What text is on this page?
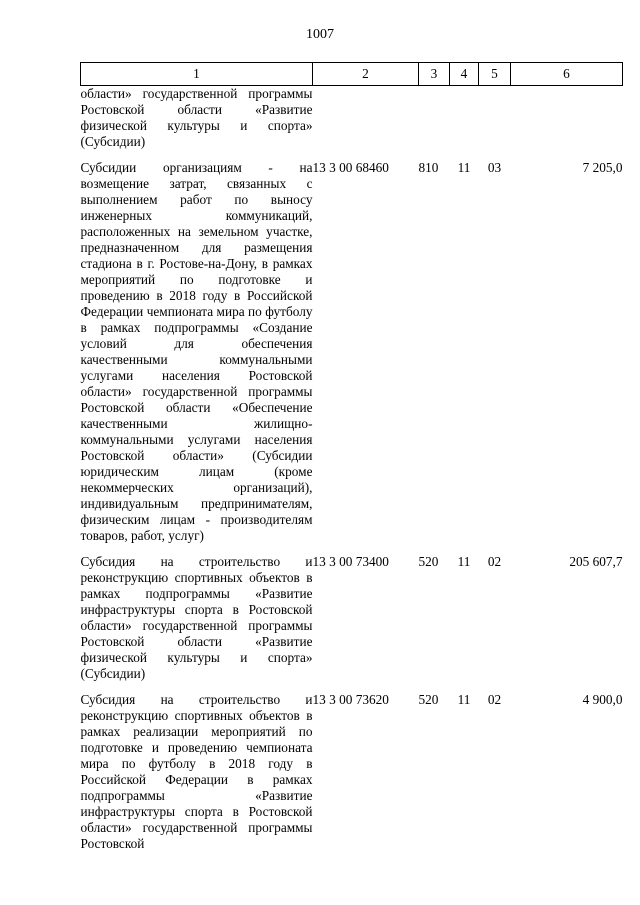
1007
1	2	3	4	5	6
области» государственной программы Ростовской области «Развитие физической культуры и спорта» (Субсидии)					
Субсидии организациям - на возмещение затрат, связанных с выполнением работ по выносу инженерных коммуникаций, расположенных на земельном участке, предназначенном для размещения стадиона в г. Ростове-на-Дону, в рамках мероприятий по подготовке и проведению в 2018 году в Российской Федерации чемпионата мира по футболу в рамках подпрограммы «Создание условий для обеспечения качественными коммунальными услугами населения Ростовской области» государственной программы Ростовской области «Обеспечение качественными жилищно-коммунальными услугами населения Ростовской области» (Субсидии юридическим лицам (кроме некоммерческих организаций), индивидуальным предпринимателям, физическим лицам - производителям товаров, работ, услуг)	13 3 00 68460	810	11	03	7 205,0
Субсидия на строительство и реконструкцию спортивных объектов в рамках подпрограммы «Развитие инфраструктуры спорта в Ростовской области» государственной программы Ростовской области «Развитие физической культуры и спорта» (Субсидии)	13 3 00 73400	520	11	02	205 607,7
Субсидия на строительство и реконструкцию спортивных объектов в рамках реализации мероприятий по подготовке и проведению чемпионата мира по футболу в 2018 году в Российской Федерации в рамках подпрограммы «Развитие инфраструктуры спорта в Ростовской области» государственной программы Ростовской	13 3 00 73620	520	11	02	4 900,0
